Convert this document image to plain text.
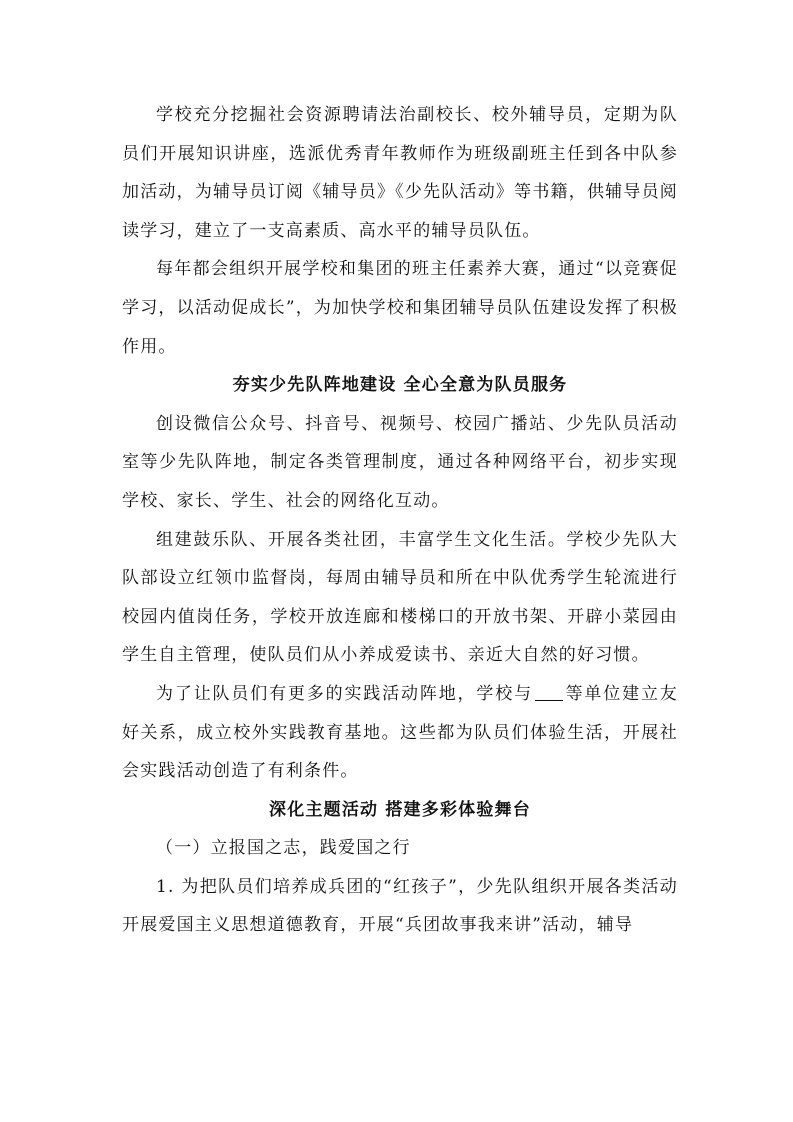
学校充分挖掘社会资源聘请法治副校长、校外辅导员，定期为队员们开展知识讲座，选派优秀青年教师作为班级副班主任到各中队参加活动，为辅导员订阅《辅导员》《少先队活动》等书籍，供辅导员阅读学习，建立了一支高素质、高水平的辅导员队伍。

每年都会组织开展学校和集团的班主任素养大赛，通过“以竞赛促学习，以活动促成长”，为加快学校和集团辅导员队伍建设发挥了积极作用。

夯实少先队阵地建设 全心全意为队员服务

创设微信公众号、抖音号、视频号、校园广播站、少先队员活动室等少先队阵地，制定各类管理制度，通过各种网络平台，初步实现学校、家长、学生、社会的网络化互动。

组建鼓乐队、开展各类社团，丰富学生文化生活。学校少先队大队部设立红领巾监督岗，每周由辅导员和所在中队优秀学生轮流进行校园内值岗任务，学校开放连廊和楼梯口的开放书架、开辟小菜园由学生自主管理，使队员们从小养成爱读书、亲近大自然的好习惯。

为了让队员们有更多的实践活动阵地，学校与 等单位建立友好关系，成立校外实践教育基地。这些都为队员们体验生活，开展社会实践活动创造了有利条件。

深化主题活动 搭建多彩体验舞台

（一）立报国之志，践爱国之行

1. 为把队员们培养成兵团的“红孩子”，少先队组织开展各类活动开展爱国主义思想道德教育，开展“兵团故事我来讲”活动，辅导
